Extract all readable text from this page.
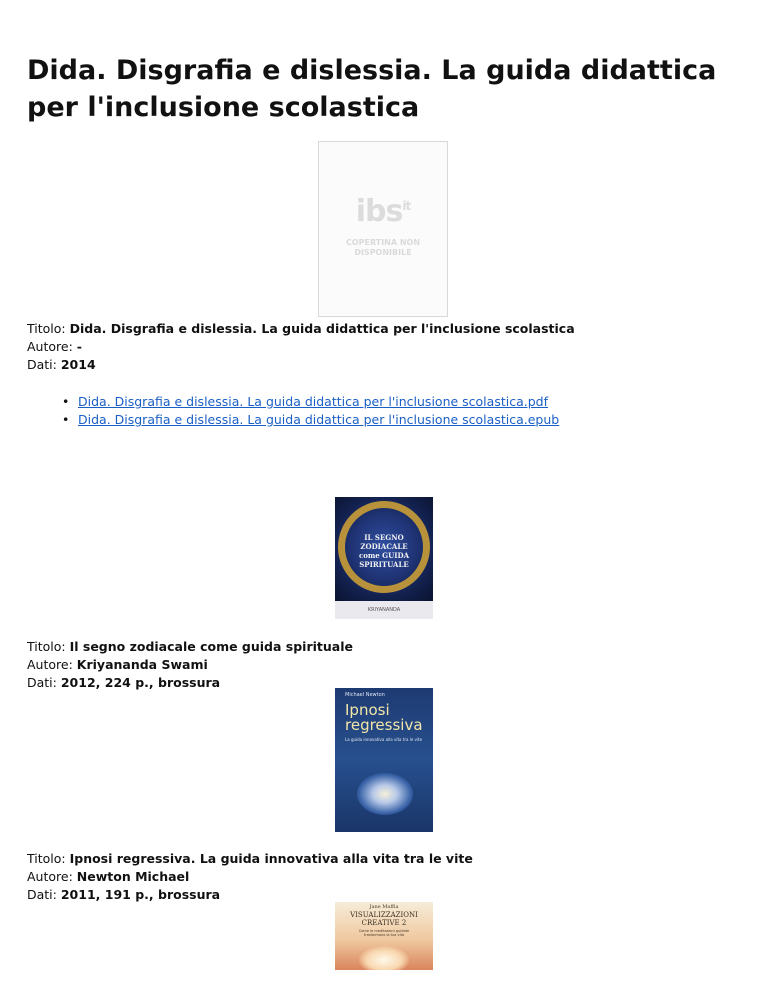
Dida. Disgrafia e dislessia. La guida didattica per l'inclusione scolastica
ibs$^{it}$
COPERTINA NON
DISPONIBILE
Titolo: Dida. Disgrafia e dislessia. La guida didattica per l'inclusione scolastica
Autore: -
Dati: 2014
• Dida. Disgrafia e dislessia. La guida didattica per l'inclusione scolastica.pdf
• Dida. Disgrafia e dislessia. La guida didattica per l'inclusione scolastica.epub
IL SEGNO
ZODIACALE
come GUIDA
SPIRITUALE
KRIYANANDA
Titolo: Il segno zodiacale come guida spirituale
Autore: Kriyananda Swami
Dati: 2012, 224 p., brossura
Michael Newton
Ipnosi
regressiva
La guida innovativa alla vita tra le vite
Titolo: Ipnosi regressiva. La guida innovativa alla vita tra le vite
Autore: Newton Michael
Dati: 2011, 191 p., brossura
Jane Maffia
VISUALIZZAZIONI
CREATIVE 2
Come le meditazioni guidate
trasformano la tua vita
